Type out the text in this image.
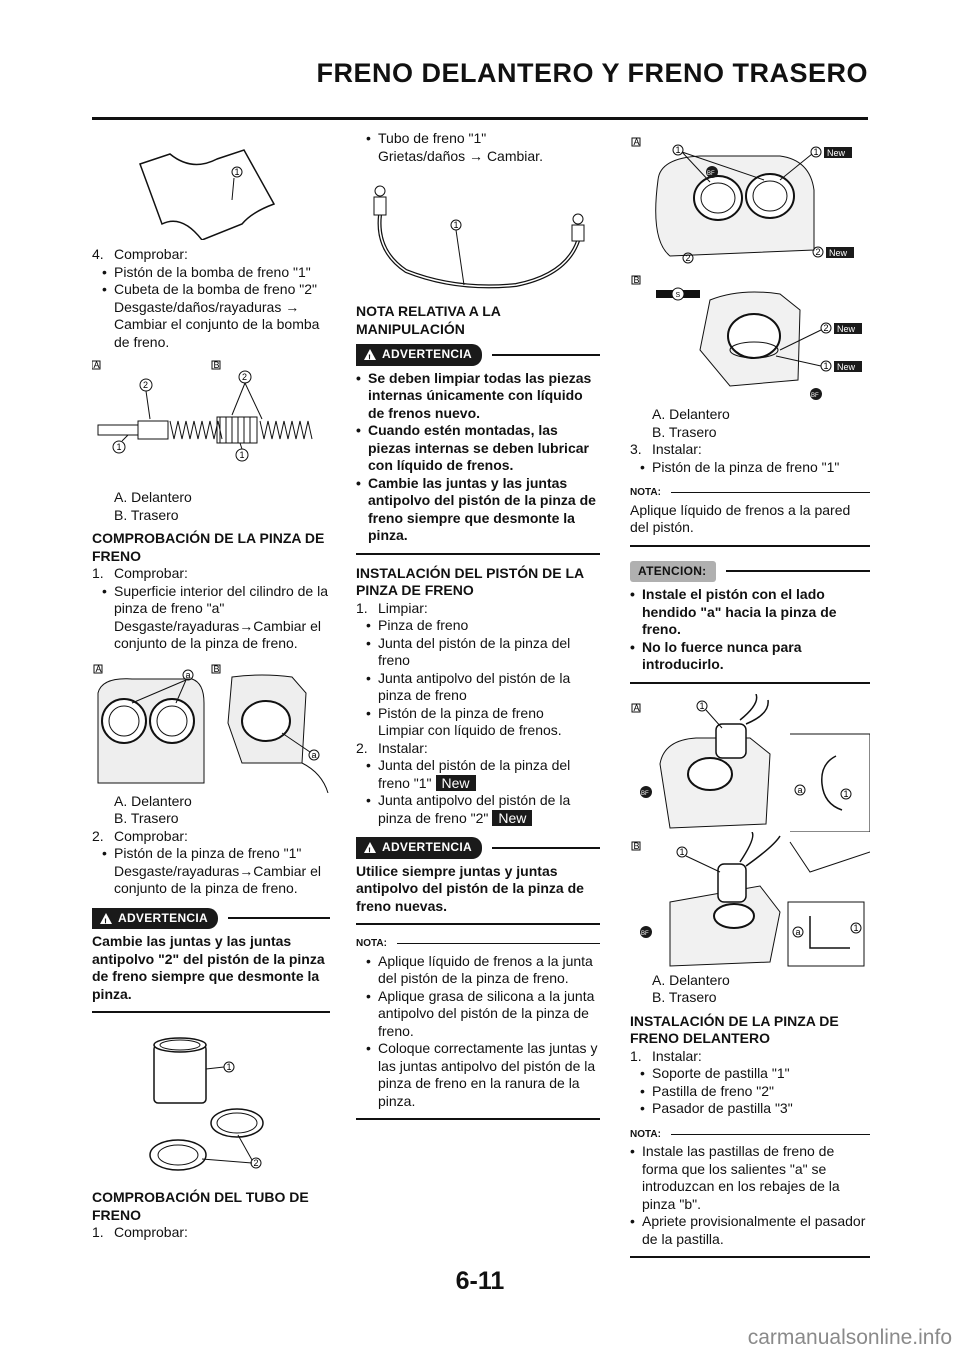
FRENO DELANTERO Y FRENO TRASERO
1
4. Comprobar:
• Pistón de la bomba de freno "1"
• Cubeta de la bomba de freno "2"
Desgaste/daños/rayaduras →
Cambiar el conjunto de la bomba
de freno.
A	B
2
2
1
1
A. Delantero
B. Trasero
COMPROBACIÓN DE LA PINZA DE FRENO
1. Comprobar:
• Superficie interior del cilindro de la pinza de freno "a"
Desgaste/rayaduras→Cambiar el conjunto de la pinza de freno.
A	B
a
a
A. Delantero
B. Trasero
2. Comprobar:
• Pistón de la pinza de freno "1"
Desgaste/rayaduras→Cambiar el conjunto de la pinza de freno.
!
ADVERTENCIA
Cambie las juntas y las juntas antipolvo "2" del pistón de la pinza de freno siempre que desmonte la pinza.
1
2
COMPROBACIÓN DEL TUBO DE FRENO
1. Comprobar:
• Tubo de freno "1"
Grietas/daños → Cambiar.
1
NOTA RELATIVA A LA MANIPULACIÓN
!
ADVERTENCIA
• Se deben limpiar todas las piezas internas únicamente con líquido de frenos nuevo.
• Cuando estén montadas, las piezas internas se deben lubricar con líquido de frenos.
• Cambie las juntas y las juntas antipolvo del pistón de la pinza de freno siempre que desmonte la pinza.
INSTALACIÓN DEL PISTÓN DE LA PINZA DE FRENO
1. Limpiar:
• Pinza de freno
• Junta del pistón de la pinza del freno
• Junta antipolvo del pistón de la pinza de freno
• Pistón de la pinza de freno
Limpiar con líquido de frenos.
2. Instalar:
• Junta del pistón de la pinza del freno "1" New
• Junta antipolvo del pistón de la pinza de freno "2" New
!
ADVERTENCIA
Utilice siempre juntas y juntas antipolvo del pistón de la pinza de freno nuevas.
NOTA:
• Aplique líquido de frenos a la junta del pistón de la pinza de freno.
• Aplique grasa de silicona a la junta antipolvo del pistón de la pinza de freno.
• Coloque correctamente las juntas y las juntas antipolvo del pistón de la pinza de freno en la ranura de la pinza.
A
1	1 New
2
2 New
BF
B
S
2 New
1 New
BF
A. Delantero
B. Trasero
3. Instalar:
• Pistón de la pinza de freno "1"
NOTA:
Aplique líquido de frenos a la pared del pistón.
ATENCION:
• Instale el pistón con el lado hendido "a" hacia la pinza de freno.
• No lo fuerce nunca para introducirlo.
A	1
BF	a	1
B
1
BF	a	1
A. Delantero
B. Trasero
INSTALACIÓN DE LA PINZA DE FRENO DELANTERO
1. Instalar:
• Soporte de pastilla "1"
• Pastilla de freno "2"
• Pasador de pastilla "3"
NOTA:
• Instale las pastillas de freno de forma que los salientes "a" se introduzcan en los rebajes de la pinza "b".
• Apriete provisionalmente el pasador de la pastilla.
6-11
carmanualsonline.info
